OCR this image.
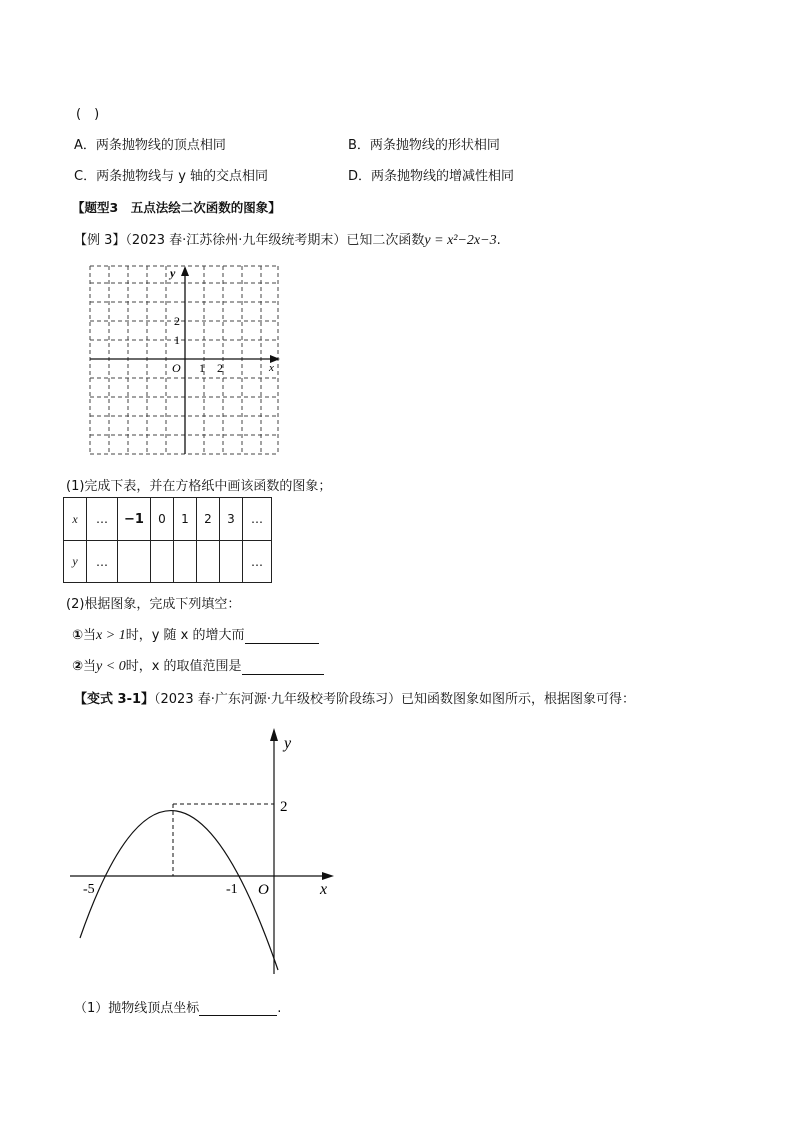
(　)
A．两条抛物线的顶点相同	B．两条抛物线的形状相同
C．两条抛物线与 y 轴的交点相同	D．两条抛物线的增减性相同
【题型3　五点法绘二次函数的图象】
【例 3】（2023 春·江苏徐州·九年级统考期末）已知二次函数y = x²−2x−3.
y
x
O
2
1
1 2
(1)完成下表，并在方格纸中画该函数的图象；
x	…	−1	0	1	2	3	…
y	…						…
(2)根据图象，完成下列填空：
①当x > 1时，y 随 x 的增大而
②当y < 0时，x 的取值范围是
【变式 3-1】（2023 春·广东河源·九年级校考阶段练习）已知函数图象如图所示，根据图象可得：
y
x
O
2
-5	-1
（1）抛物线顶点坐标	.
